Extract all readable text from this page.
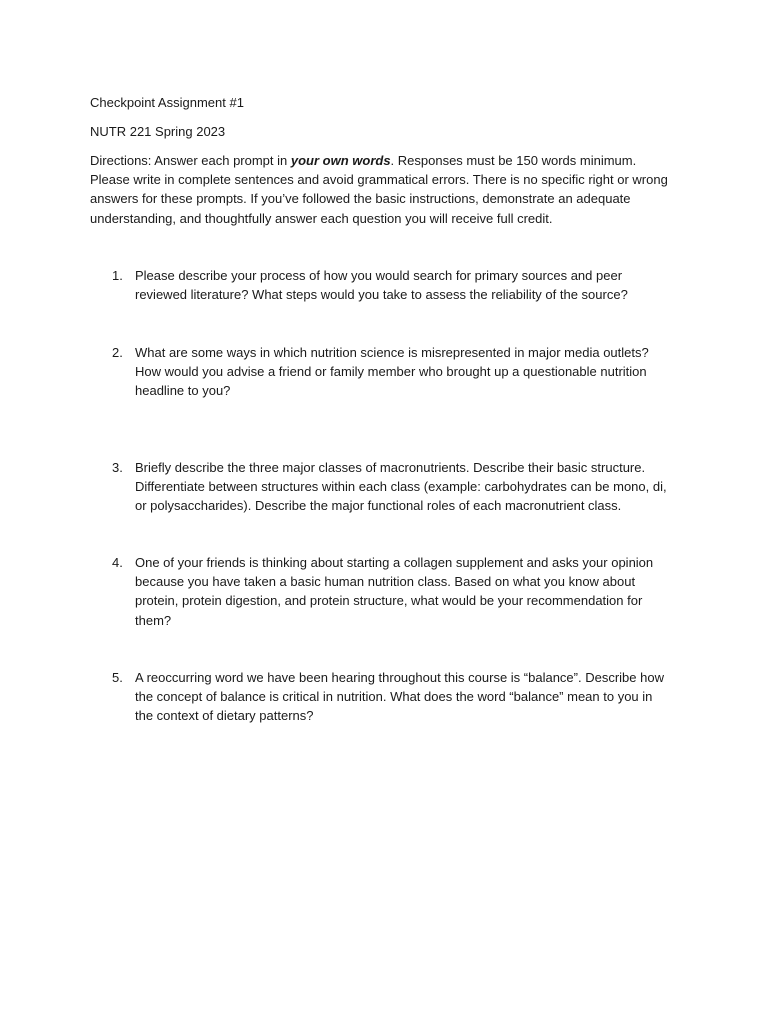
Checkpoint Assignment #1

NUTR 221 Spring 2023

Directions: Answer each prompt in your own words. Responses must be 150 words minimum. Please write in complete sentences and avoid grammatical errors. There is no specific right or wrong answers for these prompts. If you’ve followed the basic instructions, demonstrate an adequate understanding, and thoughtfully answer each question you will receive full credit.

1. Please describe your process of how you would search for primary sources and peer reviewed literature? What steps would you take to assess the reliability of the source?
2. What are some ways in which nutrition science is misrepresented in major media outlets? How would you advise a friend or family member who brought up a questionable nutrition headline to you?
3. Briefly describe the three major classes of macronutrients. Describe their basic structure. Differentiate between structures within each class (example: carbohydrates can be mono, di, or polysaccharides). Describe the major functional roles of each macronutrient class.
4. One of your friends is thinking about starting a collagen supplement and asks your opinion because you have taken a basic human nutrition class. Based on what you know about protein, protein digestion, and protein structure, what would be your recommendation for them?
5. A reoccurring word we have been hearing throughout this course is “balance”. Describe how the concept of balance is critical in nutrition. What does the word “balance” mean to you in the context of dietary patterns?
